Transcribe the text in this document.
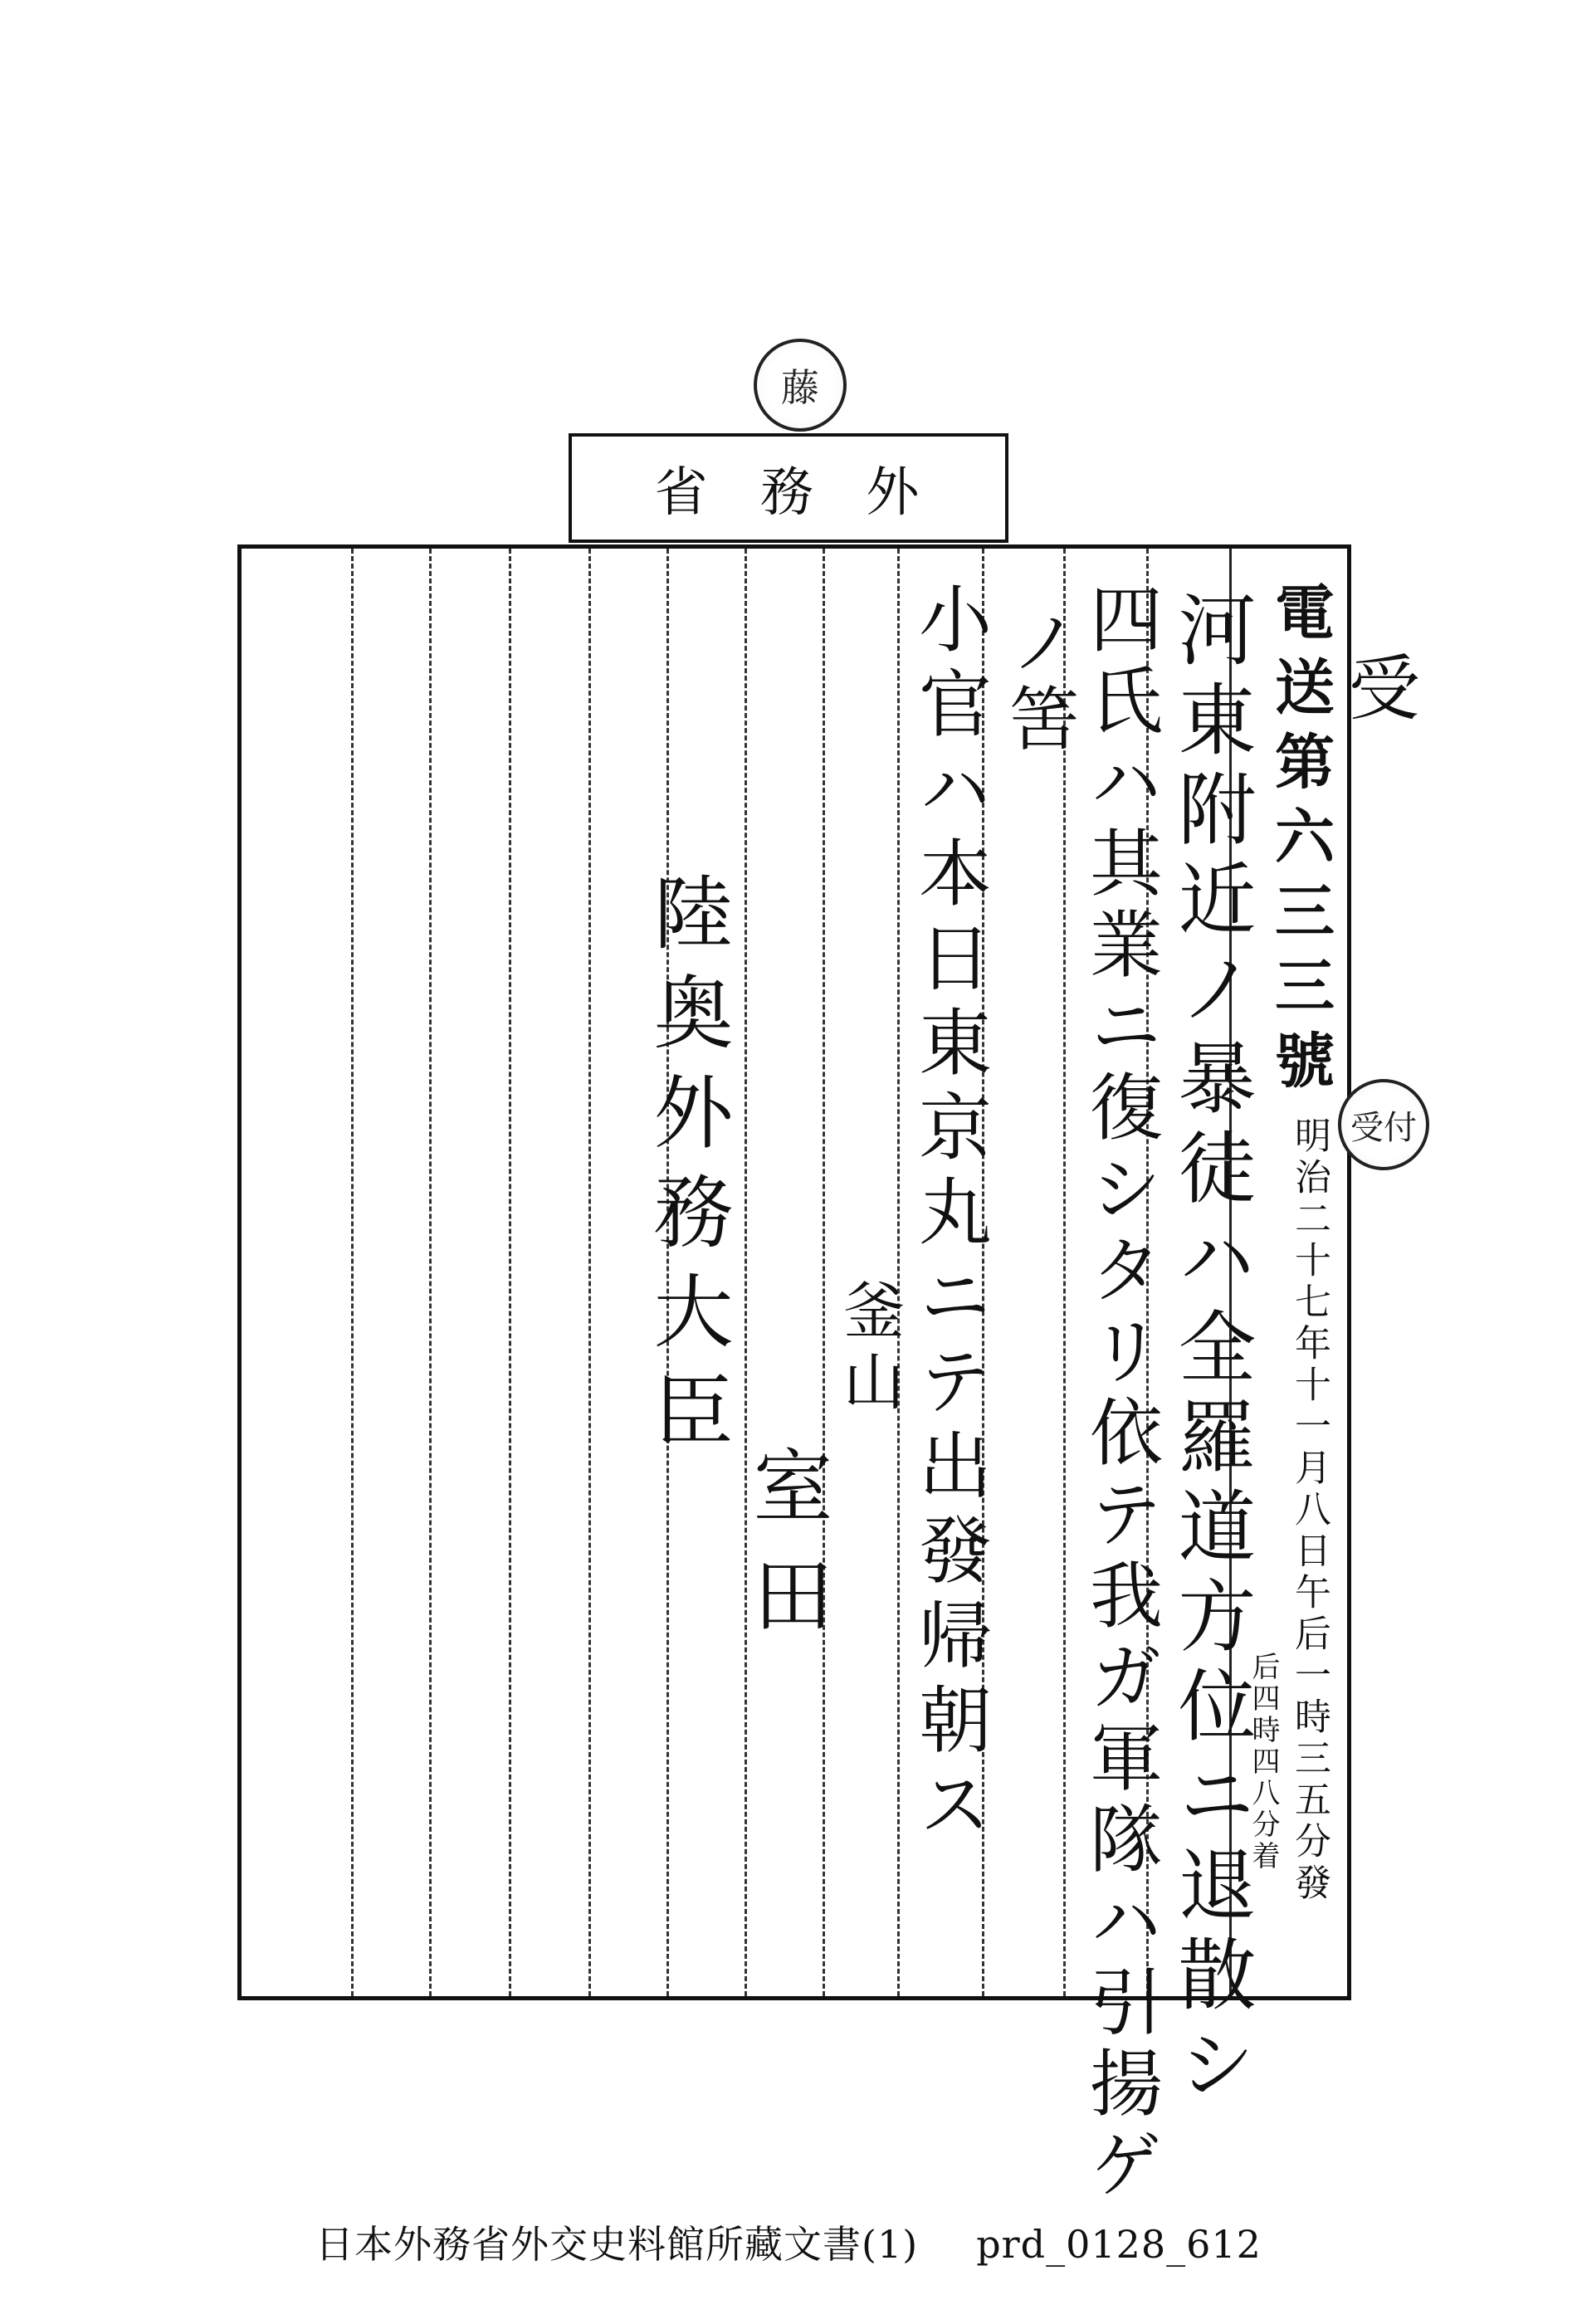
藤
外
務
省
受
受付
電送第六三三號
明治二十七年十一月八日午后一時三五分發
后四時四八分着
河東附近ノ暴徒ハ全羅道方位ニ退散シ
四氏ハ其業ニ復シタリ依テ我ガ軍隊ハ引揚ゲ
ノ筈
小官ハ本日東京丸ニテ出發帰朝ス
釜山
室田
陸奥外務大臣
日本外務省外交史料館所藏文書(1) prd_0128_612
